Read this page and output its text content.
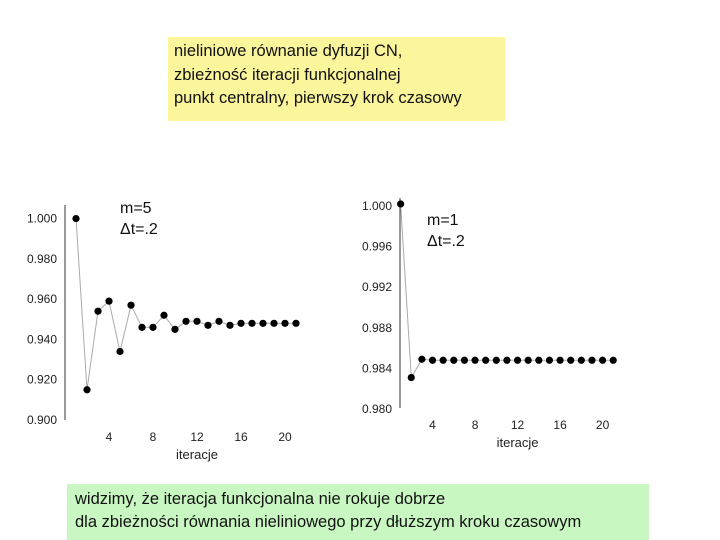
nieliniowe równanie dyfuzji CN,
zbieżność iteracji funkcjonalnej
punkt centralny, pierwszy krok czasowy
1.000
0.980
0.960
0.940
0.920
0.900
4	8	12	16	20
iteracje
m=5
Δt=.2
1.000
0.996
0.992
0.988
0.984
0.980
4	8	12 16 20
iteracje
m=1
Δt=.2
widzimy, że iteracja funkcjonalna nie rokuje dobrze
dla zbieżności równania nieliniowego przy dłuższym kroku czasowym
